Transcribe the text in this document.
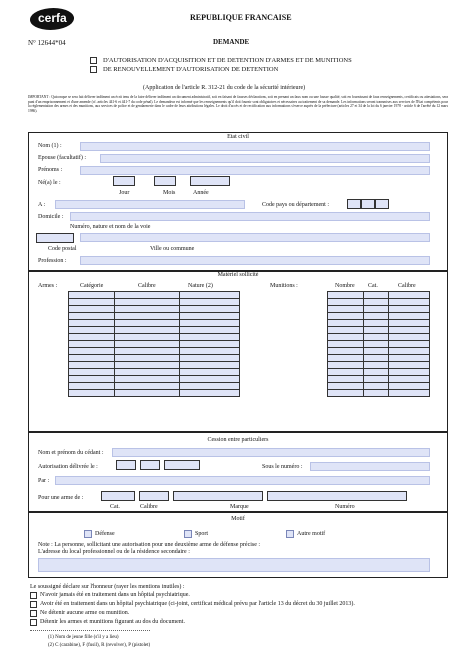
cerfa
N° 12644*04
REPUBLIQUE FRANCAISE
DEMANDE
D'AUTORISATION D'ACQUISITION ET DE DETENTION D'ARMES ET DE MUNITIONS
DE RENOUVELLEMENT D'AUTORISATION DE DETENTION
(Application de l'article R. 312-21 du code de la sécurité intérieure)
IMPORTANT : Quiconque se sera fait délivrer indûment un écrit tenu de la faire délivrer indûment un document administratif, soit en faisant de fausses déclarations, soit en prenant un faux nom ou une fausse qualité, soit en fournissant de faux renseignements, certificats ou attestations, sera puni d'un emprisonnement et d'une amende (cf. articles 441-6 et 441-7 du code pénal). Le demandeur est informé que les renseignements qu'il doit fournir sont obligatoires et nécessaires au traitement de sa demande. Les informations seront transmises aux services de l'Etat compétents pour la réglementation des armes et des munitions, aux services de police et de gendarmerie dans le cadre de leurs attributions légales. Le droit d'accès et de rectification aux informations s'exerce auprès de la préfecture (articles 27 et 34 de la loi du 6 janvier 1978 - article 6 de l'arrêté du 12 mars 1986).
Etat civil
Nom (1) :
Epouse (facultatif) :
Prénoms :
Né(a) le :
Jour	Mois	Année
A :	Code pays ou département :
Domicile :
Numéro, nature et nom de la voie
Code postal	Ville ou commune
Profession :
Matériel sollicité
Armes :	Catégorie	Calibre	Nature (2)	Munitions :	Nombre Cat.	Calibre

Cession entre particuliers
Nom et prénom du cédant :
Autorisation délivrée le :	Sous le numéro :
Par :
Pour une arme de :
Cat.	Calibre	Marque	Numéro
Motif
Défense	Sport	Autre motif
Note : La personne, sollicitant une autorisation pour une deuxième arme de défense précise :
L'adresse du local professionnel ou de la résidence secondaire :
Le soussigné déclare sur l'honneur (rayer les mentions inutiles) :
N'avoir jamais été en traitement dans un hôpital psychiatrique.
Avoir été en traitement dans un hôpital psychiatrique (ci-joint, certificat médical prévu par l'article 13 du décret du 30 juillet 2013).
Ne détenir aucune arme ou munition.
Détenir les armes et munitions figurant au dos du document.
(1) Nom de jeune fille (s'il y a lieu)
(2) C (carabine), F (fusil), R (revolver), P (pistolet)
